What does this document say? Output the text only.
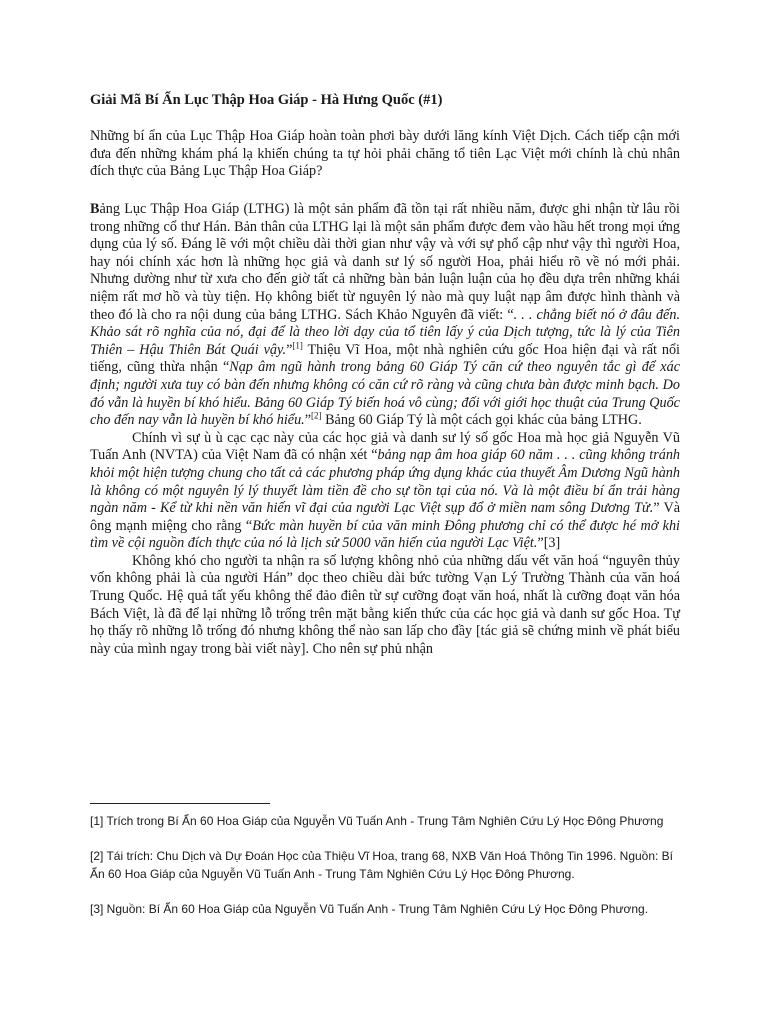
Giải Mã Bí Ẩn Lục Thập Hoa Giáp - Hà Hưng Quốc (#1)

Những bí ẩn của Lục Thập Hoa Giáp hoàn toàn phơi bày dưới lăng kính Việt Dịch. Cách tiếp cận mới đưa đến những khám phá lạ khiến chúng ta tự hỏi phải chăng tổ tiên Lạc Việt mới chính là chủ nhân đích thực của Bảng Lục Thập Hoa Giáp?

Bảng Lục Thập Hoa Giáp (LTHG) là một sản phẩm đã tồn tại rất nhiều năm, được ghi nhận từ lâu rồi trong những cổ thư Hán. Bản thân của LTHG lại là một sản phẩm được đem vào hầu hết trong mọi ứng dụng của lý số. Đáng lẽ với một chiều dài thời gian như vậy và với sự phổ cập như vậy thì người Hoa, hay nói chính xác hơn là những học giả và danh sư lý số người Hoa, phải hiểu rõ về nó mới phải. Nhưng dường như từ xưa cho đến giờ tất cả những bàn bản luận luận của họ đều dựa trên những khái niệm rất mơ hồ và tùy tiện. Họ không biết từ nguyên lý nào mà quy luật nạp âm được hình thành và theo đó là cho ra nội dung của bảng LTHG. Sách Khảo Nguyên đã viết: “. . . chẳng biết nó ở đâu đến. Khảo sát rõ nghĩa của nó, đại để là theo lời dạy của tổ tiên lấy ý của Dịch tượng, tức là lý của Tiên Thiên – Hậu Thiên Bát Quái vậy.”[1] Thiệu Vĩ Hoa, một nhà nghiên cứu gốc Hoa hiện đại và rất nổi tiếng, cũng thừa nhận “Nạp âm ngũ hành trong bảng 60 Giáp Tý căn cứ theo nguyên tắc gì để xác định; người xưa tuy có bàn đến nhưng không có căn cứ rõ ràng và cũng chưa bàn được minh bạch. Do đó vẫn là huyền bí khó hiểu. Bảng 60 Giáp Tý biến hoá vô cùng; đối với giới học thuật của Trung Quốc cho đến nay vẫn là huyền bí khó hiểu.”[2] Bảng 60 Giáp Tý là một cách gọi khác của bảng LTHG.

Chính vì sự ù ù cạc cạc này của các học giả và danh sư lý số gốc Hoa mà học giả Nguyễn Vũ Tuấn Anh (NVTA) của Việt Nam đã có nhận xét “bảng nạp âm hoa giáp 60 năm . . . cũng không tránh khỏi một hiện tượng chung cho tất cả các phương pháp ứng dụng khác của thuyết Âm Dương Ngũ hành là không có một nguyên lý lý thuyết làm tiền đề cho sự tồn tại của nó. Và là một điều bí ẩn trải hàng ngàn năm - Kể từ khi nền văn hiến vĩ đại của người Lạc Việt sụp đổ ở miền nam sông Dương Tử.” Và ông mạnh miệng cho rằng “Bức màn huyền bí của văn minh Đông phương chỉ có thể được hé mở khi tìm về cội nguồn đích thực của nó là lịch sử 5000 văn hiến của người Lạc Việt.”[3]

Không khó cho người ta nhận ra số lượng không nhỏ của những dấu vết văn hoá “nguyên thủy vốn không phải là của người Hán” dọc theo chiều dài bức tường Vạn Lý Trường Thành của văn hoá Trung Quốc. Hệ quả tất yếu không thể đảo điên từ sự cưỡng đoạt văn hoá, nhất là cưỡng đoạt văn hóa Bách Việt, là đã để lại những lỗ trống trên mặt bằng kiến thức của các học giả và danh sư gốc Hoa. Tự họ thấy rõ những lỗ trống đó nhưng không thể nào san lấp cho đầy [tác giả sẽ chứng minh về phát biểu này của mình ngay trong bài viết này]. Cho nên sự phủ nhận

[1] Trích trong Bí Ẩn 60 Hoa Giáp của Nguyễn Vũ Tuấn Anh - Trung Tâm Nghiên Cứu Lý Học Đông Phương

[2] Tái trích: Chu Dịch và Dự Đoán Học của Thiệu Vĩ Hoa, trang 68, NXB Văn Hoá Thông Tin 1996. Nguồn: Bí Ẩn 60 Hoa Giáp của Nguyễn Vũ Tuấn Anh - Trung Tâm Nghiên Cứu Lý Học Đông Phương.

[3] Nguồn: Bí Ẩn 60 Hoa Giáp của Nguyễn Vũ Tuấn Anh - Trung Tâm Nghiên Cứu Lý Học Đông Phương.
